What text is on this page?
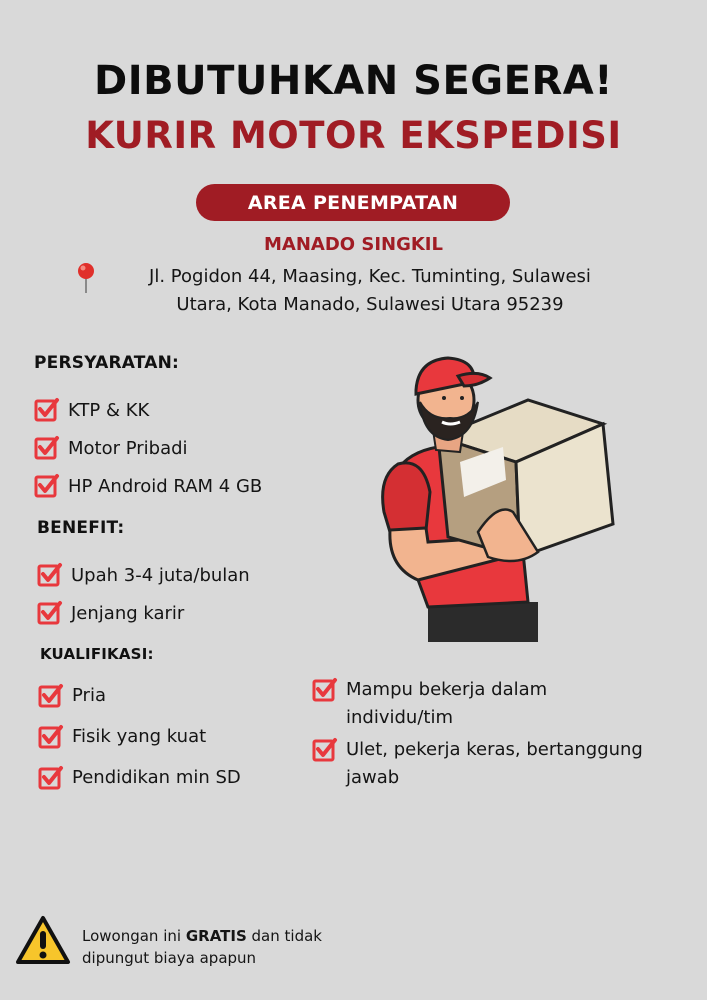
DIBUTUHKAN SEGERA!
KURIR MOTOR EKSPEDISI
AREA PENEMPATAN
MANADO SINGKIL
Jl. Pogidon 44, Maasing, Kec. Tuminting, Sulawesi
Utara, Kota Manado, Sulawesi Utara 95239
PERSYARATAN:
KTP & KK
Motor Pribadi
HP Android RAM 4 GB
BENEFIT:
Upah 3-4 juta/bulan
Jenjang karir
KUALIFIKASI:
Pria
Fisik yang kuat
Pendidikan min SD
Mampu bekerja dalam
individu/tim
Ulet, pekerja keras, bertanggung
jawab
Lowongan ini GRATIS dan tidak
dipungut biaya apapun
